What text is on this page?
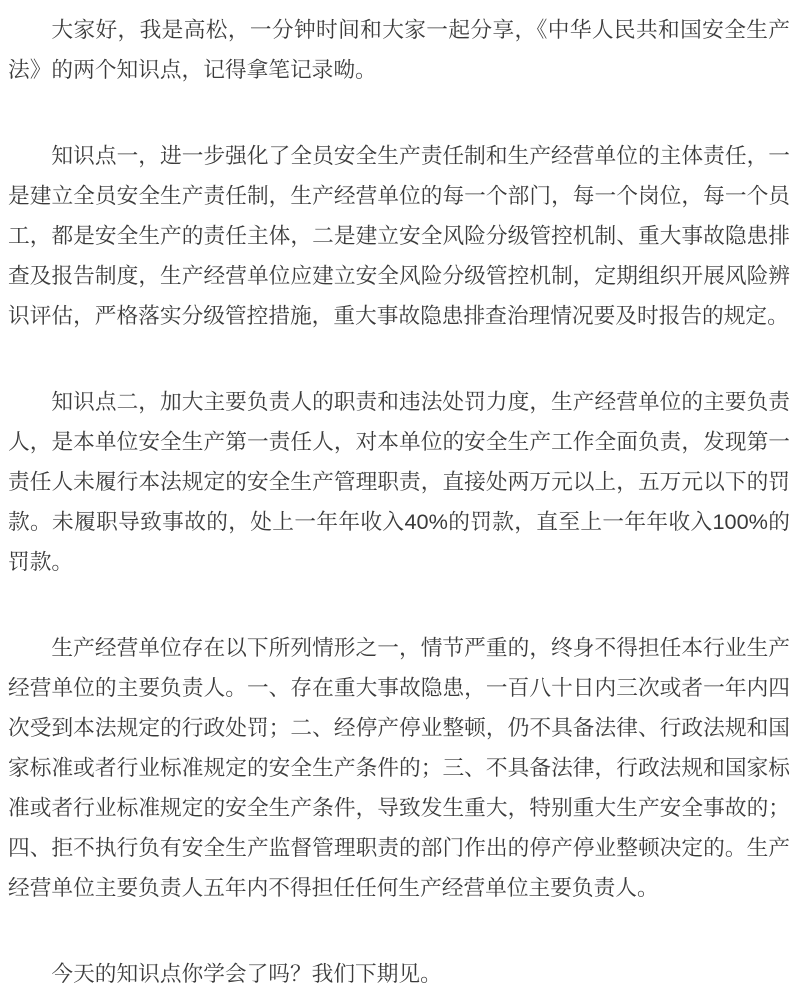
大家好，我是高松，一分钟时间和大家一起分享，《中华人民共和国安全生产法》的两个知识点，记得拿笔记录呦。

知识点一，进一步强化了全员安全生产责任制和生产经营单位的主体责任，一是建立全员安全生产责任制，生产经营单位的每一个部门，每一个岗位，每一个员工，都是安全生产的责任主体，二是建立安全风险分级管控机制、重大事故隐患排查及报告制度，生产经营单位应建立安全风险分级管控机制，定期组织开展风险辨识评估，严格落实分级管控措施，重大事故隐患排查治理情况要及时报告的规定。

知识点二，加大主要负责人的职责和违法处罚力度，生产经营单位的主要负责人，是本单位安全生产第一责任人，对本单位的安全生产工作全面负责，发现第一责任人未履行本法规定的安全生产管理职责，直接处两万元以上，五万元以下的罚款。未履职导致事故的，处上一年年收入40%的罚款，直至上一年年收入100%的罚款。

生产经营单位存在以下所列情形之一，情节严重的，终身不得担任本行业生产经营单位的主要负责人。一、存在重大事故隐患，一百八十日内三次或者一年内四次受到本法规定的行政处罚；二、经停产停业整顿，仍不具备法律、行政法规和国家标准或者行业标准规定的安全生产条件的；三、不具备法律，行政法规和国家标准或者行业标准规定的安全生产条件，导致发生重大，特别重大生产安全事故的；四、拒不执行负有安全生产监督管理职责的部门作出的停产停业整顿决定的。生产经营单位主要负责人五年内不得担任任何生产经营单位主要负责人。

今天的知识点你学会了吗？我们下期见。
